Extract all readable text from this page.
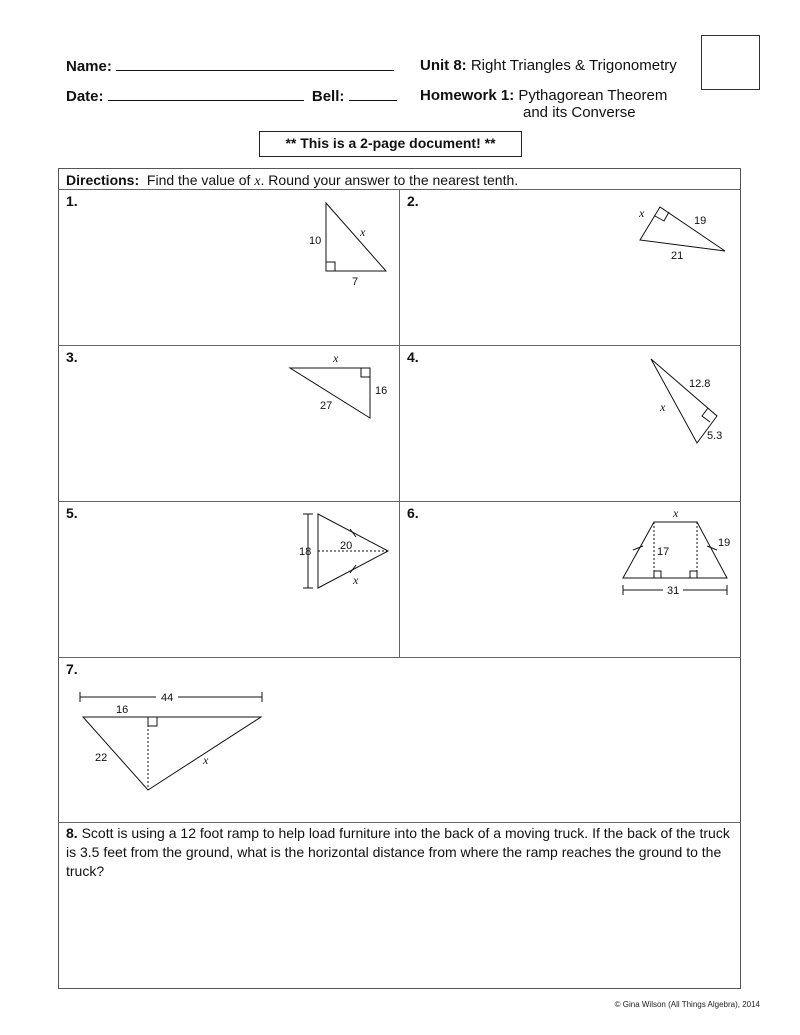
Name:
Date:	Bell:
Unit 8: Right Triangles & Trigonometry
Homework 1: Pythagorean Theorem
and its Converse
** This is a 2-page document! **
Directions: Find the value of x. Round your answer to the nearest tenth.
1.	2.
3.	4.
5.	6.
7.
10
7
x
x
19
21
x
16
27
12.8
x
5.3
18	20
x
x
17
19
31
44
16
22	x
8. Scott is using a 12 foot ramp to help load furniture into the back of a moving truck. If the back of the truck is 3.5 feet from the ground, what is the horizontal distance from where the ramp reaches the ground to the truck?
© Gina Wilson (All Things Algebra), 2014
